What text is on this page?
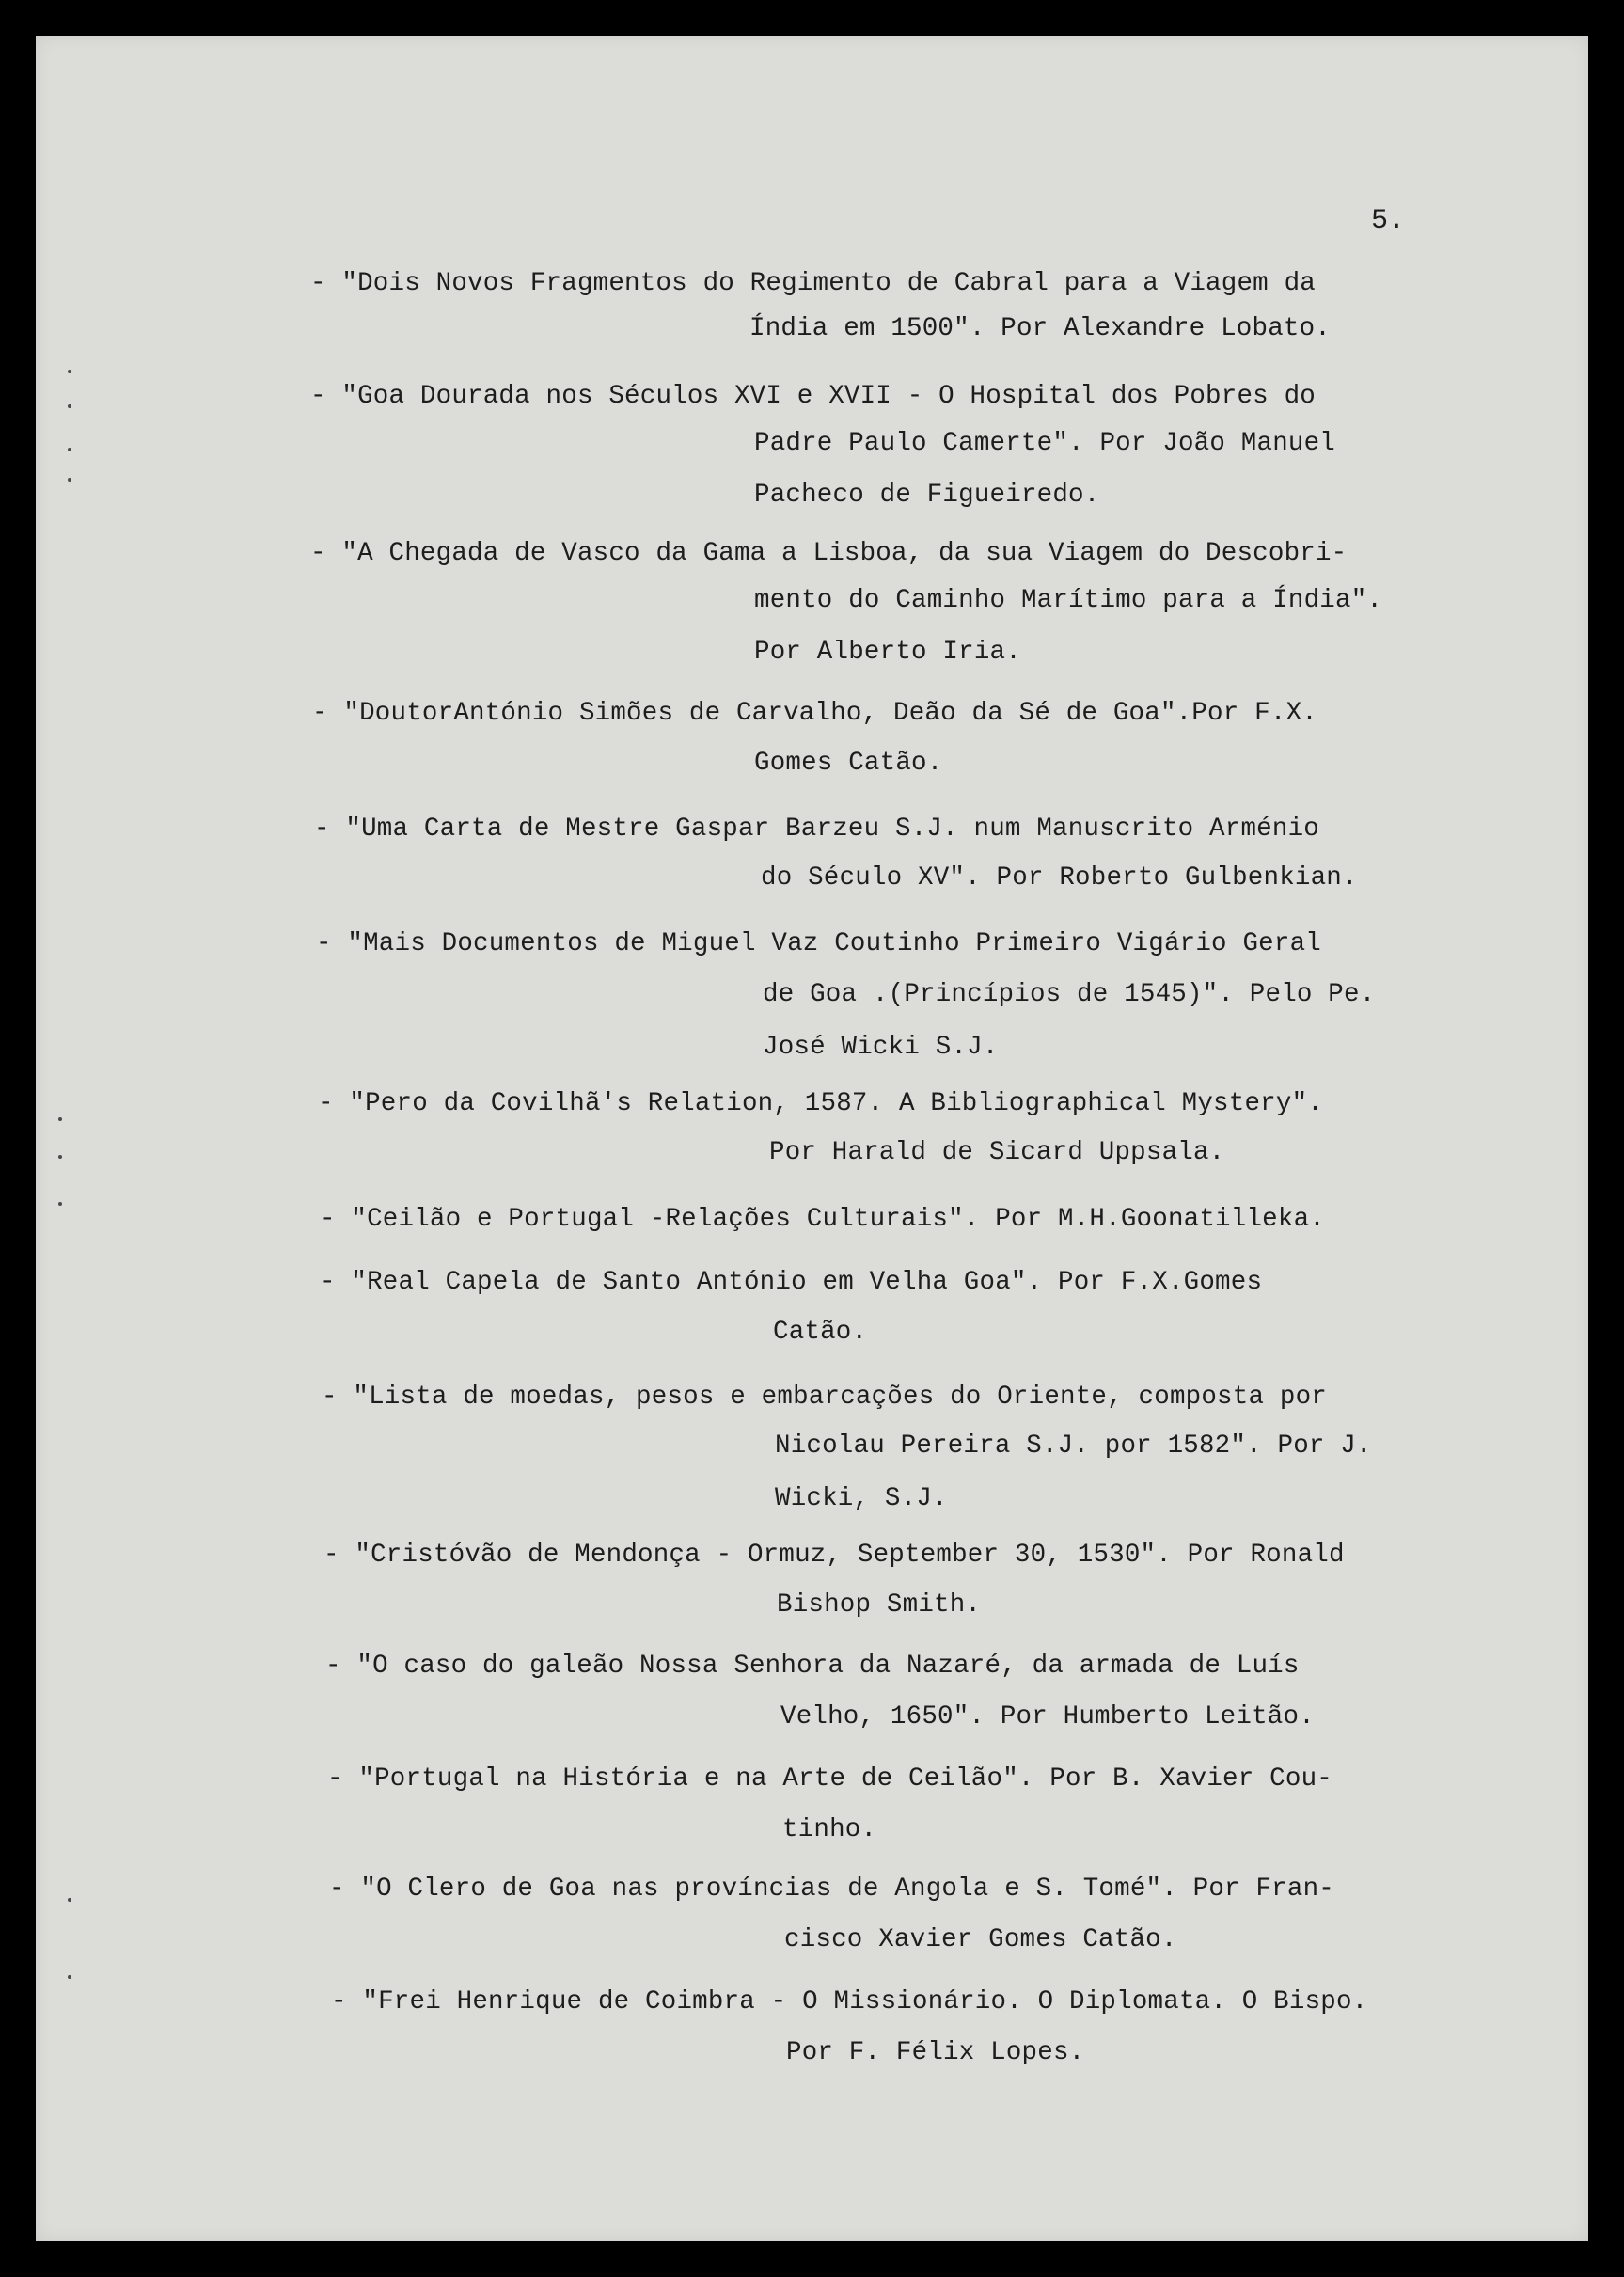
5.
- "Dois Novos Fragmentos do Regimento de Cabral para a Viagem da
Índia em 1500". Por Alexandre Lobato.
- "Goa Dourada nos Séculos XVI e XVII - O Hospital dos Pobres do
Padre Paulo Camerte". Por João Manuel
Pacheco de Figueiredo.
- "A Chegada de Vasco da Gama a Lisboa, da sua Viagem do Descobri-
mento do Caminho Marítimo para a Índia".
Por Alberto Iria.
- "DoutorAntónio Simões de Carvalho, Deão da Sé de Goa".Por F.X.
Gomes Catão.
- "Uma Carta de Mestre Gaspar Barzeu S.J. num Manuscrito Arménio
do Século XV". Por Roberto Gulbenkian.
- "Mais Documentos de Miguel Vaz Coutinho Primeiro Vigário Geral
de Goa .(Princípios de 1545)". Pelo Pe.
José Wicki S.J.
- "Pero da Covilhã's Relation, 1587. A Bibliographical Mystery".
Por Harald de Sicard Uppsala.
- "Ceilão e Portugal -Relações Culturais". Por M.H.Goonatilleka.
- "Real Capela de Santo António em Velha Goa". Por F.X.Gomes
Catão.
- "Lista de moedas, pesos e embarcações do Oriente, composta por
Nicolau Pereira S.J. por 1582". Por J.
Wicki, S.J.
- "Cristóvão de Mendonça - Ormuz, September 30, 1530". Por Ronald
Bishop Smith.
- "O caso do galeão Nossa Senhora da Nazaré, da armada de Luís
Velho, 1650". Por Humberto Leitão.
- "Portugal na História e na Arte de Ceilão". Por B. Xavier Cou-
tinho.
- "O Clero de Goa nas províncias de Angola e S. Tomé". Por Fran-
cisco Xavier Gomes Catão.
- "Frei Henrique de Coimbra - O Missionário. O Diplomata. O Bispo.
Por F. Félix Lopes.
